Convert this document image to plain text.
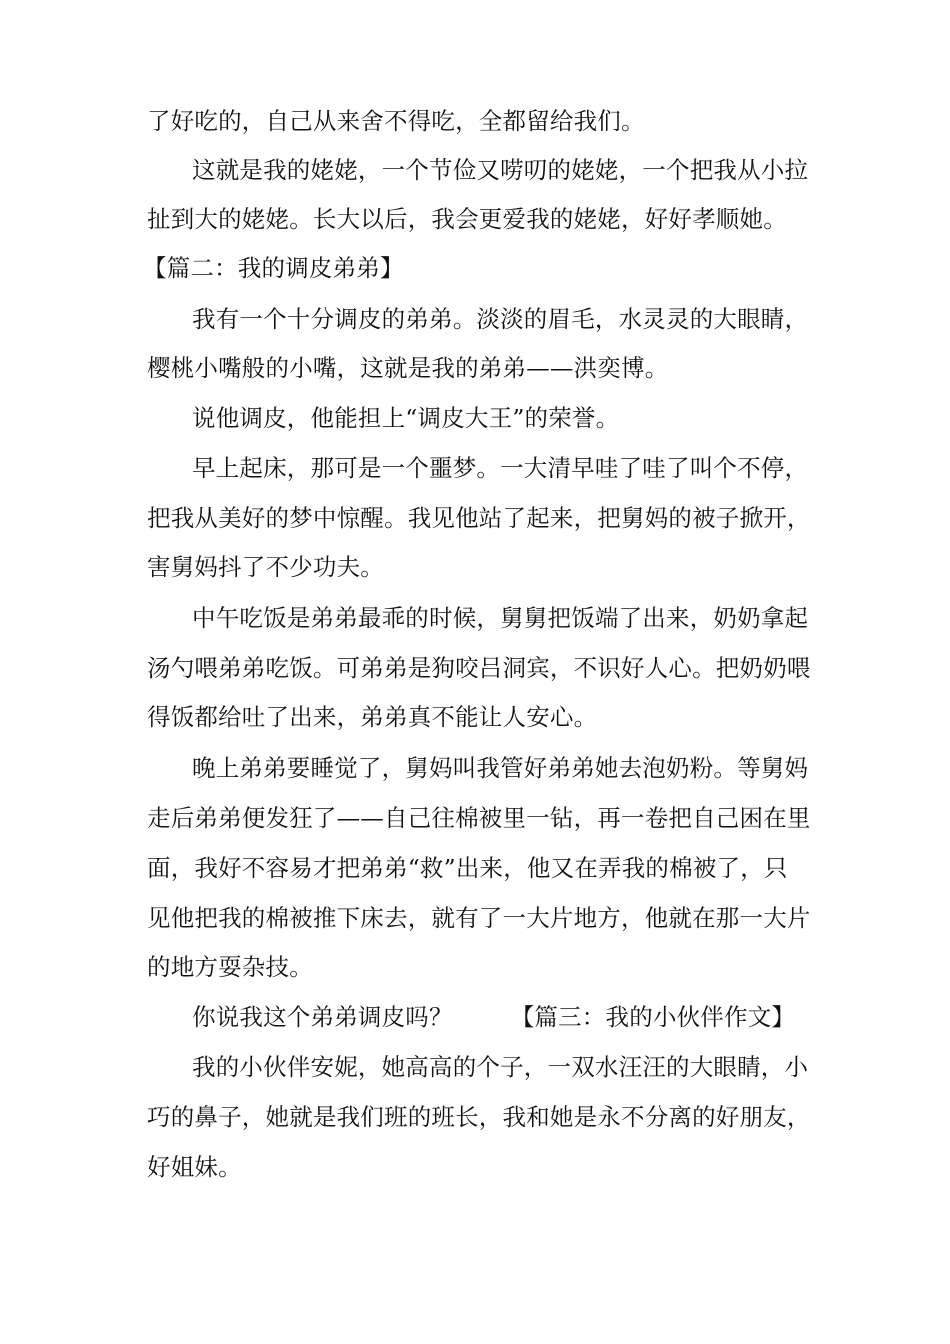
了好吃的，自己从来舍不得吃，全都留给我们。
这就是我的姥姥，一个节俭又唠叨的姥姥，一个把我从小拉
扯到大的姥姥。长大以后，我会更爱我的姥姥，好好孝顺她。
【篇二：我的调皮弟弟】
我有一个十分调皮的弟弟。淡淡的眉毛，水灵灵的大眼睛，
樱桃小嘴般的小嘴，这就是我的弟弟——洪奕博。
说他调皮，他能担上“调皮大王”的荣誉。
早上起床，那可是一个噩梦。一大清早哇了哇了叫个不停，
把我从美好的梦中惊醒。我见他站了起来，把舅妈的被子掀开，
害舅妈抖了不少功夫。
中午吃饭是弟弟最乖的时候，舅舅把饭端了出来，奶奶拿起
汤勺喂弟弟吃饭。可弟弟是狗咬吕洞宾，不识好人心。把奶奶喂
得饭都给吐了出来，弟弟真不能让人安心。
晚上弟弟要睡觉了，舅妈叫我管好弟弟她去泡奶粉。等舅妈
走后弟弟便发狂了——自己往棉被里一钻，再一卷把自己困在里
面，我好不容易才把弟弟“救”出来，他又在弄我的棉被了，只
见他把我的棉被推下床去，就有了一大片地方，他就在那一大片
的地方耍杂技。
你说我这个弟弟调皮吗？ 【篇三：我的小伙伴作文】
我的小伙伴安妮，她高高的个子，一双水汪汪的大眼睛，小
巧的鼻子，她就是我们班的班长，我和她是永不分离的好朋友，
好姐妹。
